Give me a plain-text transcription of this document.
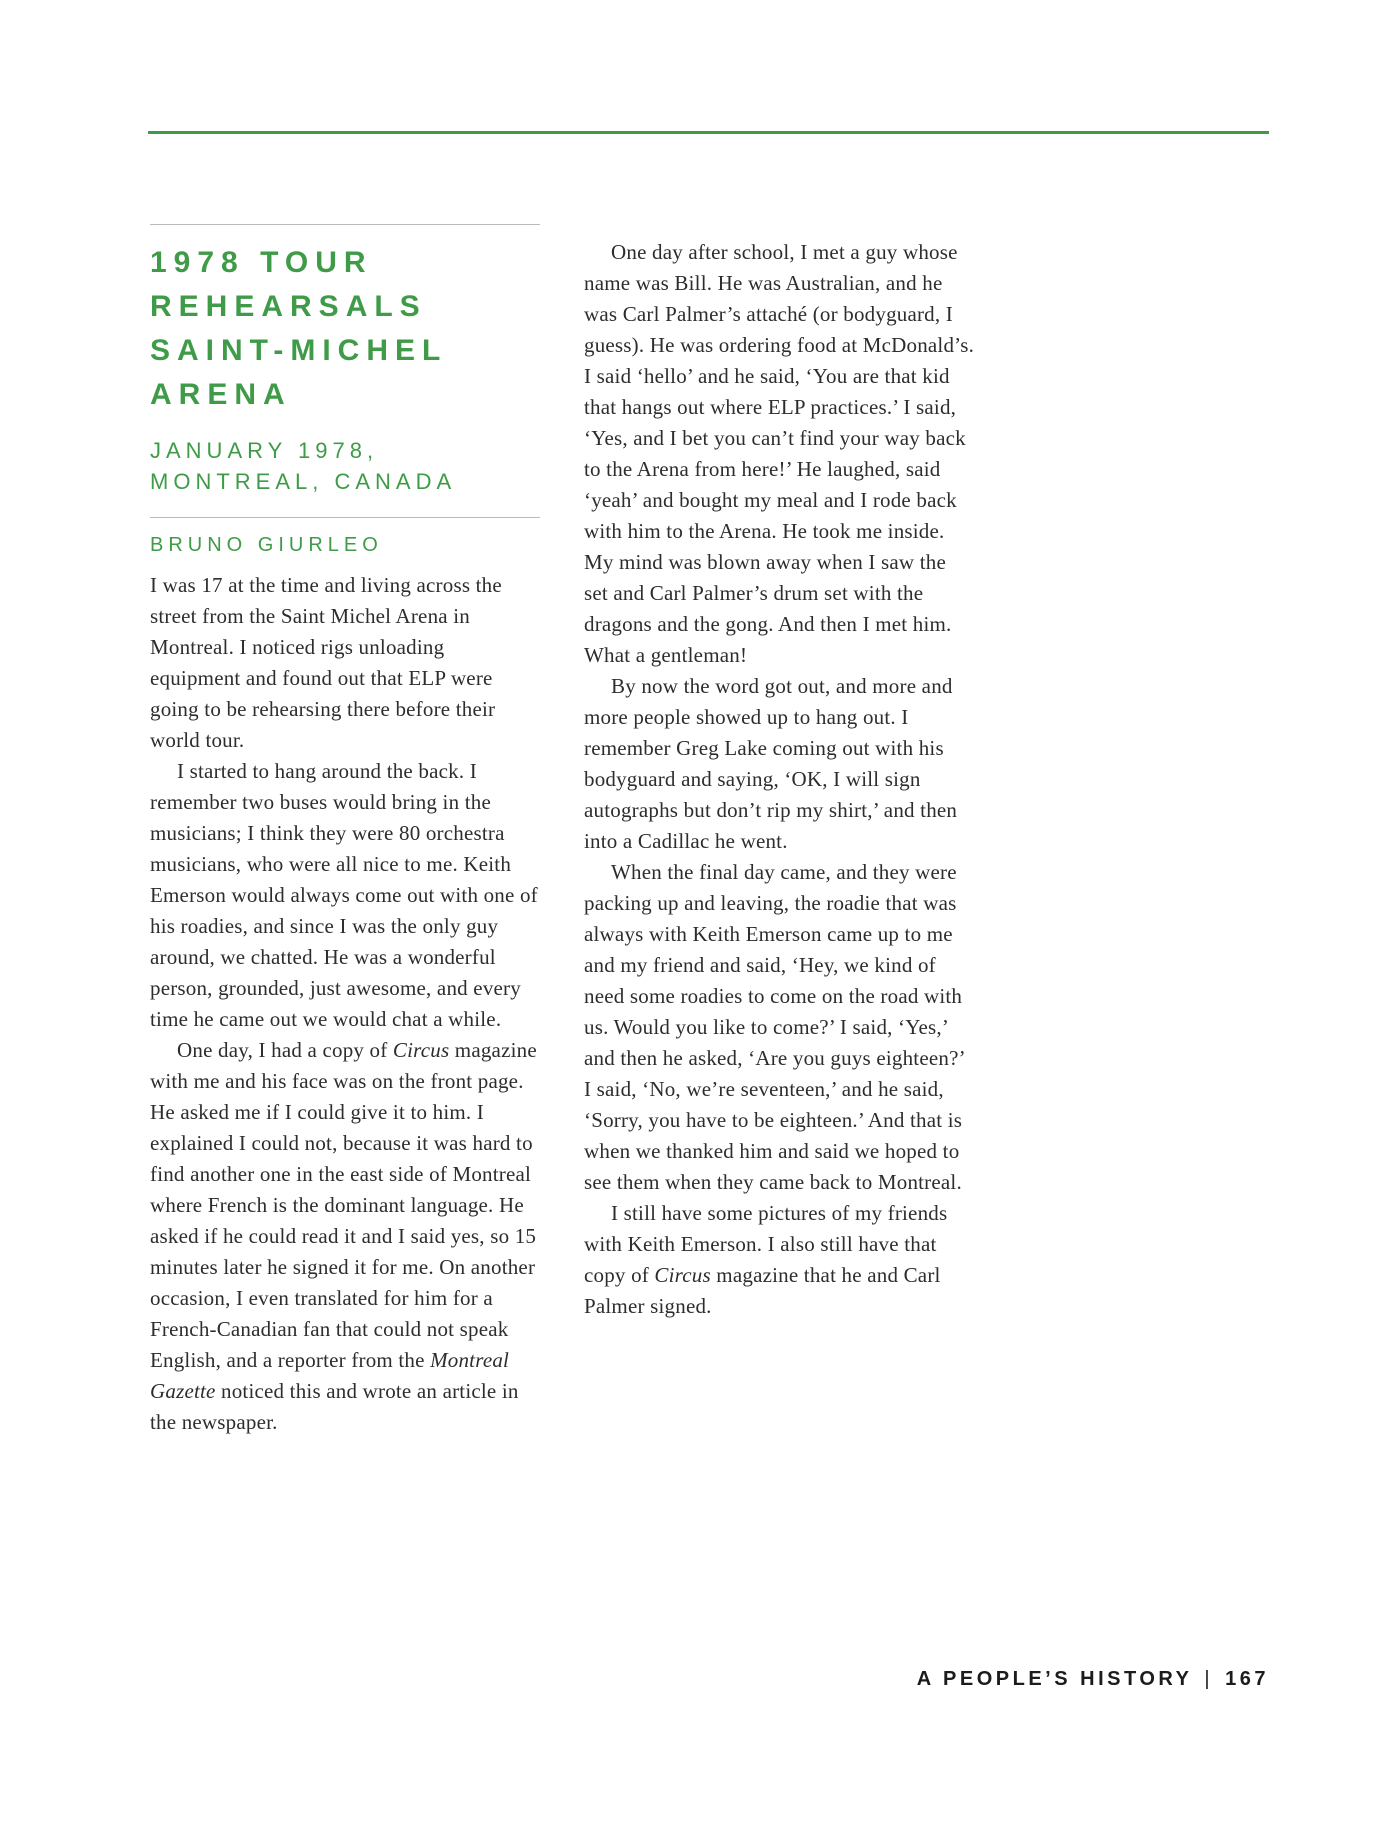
1978 TOUR
REHEARSALS
SAINT-MICHEL
ARENA
JANUARY 1978,
MONTREAL, CANADA
BRUNO GIURLEO

I was 17 at the time and living across the street from the Saint Michel Arena in Montreal. I noticed rigs unloading equipment and found out that ELP were going to be rehearsing there before their world tour.

I started to hang around the back. I remember two buses would bring in the musicians; I think they were 80 orchestra musicians, who were all nice to me. Keith Emerson would always come out with one of his roadies, and since I was the only guy around, we chatted. He was a wonderful person, grounded, just awesome, and every time he came out we would chat a while.

One day, I had a copy of Circus magazine with me and his face was on the front page. He asked me if I could give it to him. I explained I could not, because it was hard to find another one in the east side of Montreal where French is the dominant language. He asked if he could read it and I said yes, so 15 minutes later he signed it for me. On another occasion, I even translated for him for a French-Canadian fan that could not speak English, and a reporter from the Montreal Gazette noticed this and wrote an article in the newspaper.

One day after school, I met a guy whose name was Bill. He was Australian, and he was Carl Palmer’s attaché (or bodyguard, I guess). He was ordering food at McDonald’s. I said ‘hello’ and he said, ‘You are that kid that hangs out where ELP practices.’ I said, ‘Yes, and I bet you can’t find your way back to the Arena from here!’ He laughed, said ‘yeah’ and bought my meal and I rode back with him to the Arena. He took me inside. My mind was blown away when I saw the set and Carl Palmer’s drum set with the dragons and the gong. And then I met him. What a gentleman!

By now the word got out, and more and more people showed up to hang out. I remember Greg Lake coming out with his bodyguard and saying, ‘OK, I will sign autographs but don’t rip my shirt,’ and then into a Cadillac he went.

When the final day came, and they were packing up and leaving, the roadie that was always with Keith Emerson came up to me and my friend and said, ‘Hey, we kind of need some roadies to come on the road with us. Would you like to come?’ I said, ‘Yes,’ and then he asked, ‘Are you guys eighteen?’ I said, ‘No, we’re seventeen,’ and he said, ‘Sorry, you have to be eighteen.’ And that is when we thanked him and said we hoped to see them when they came back to Montreal.

I still have some pictures of my friends with Keith Emerson. I also still have that copy of Circus magazine that he and Carl Palmer signed.

A PEOPLE’S HISTORY | 167
